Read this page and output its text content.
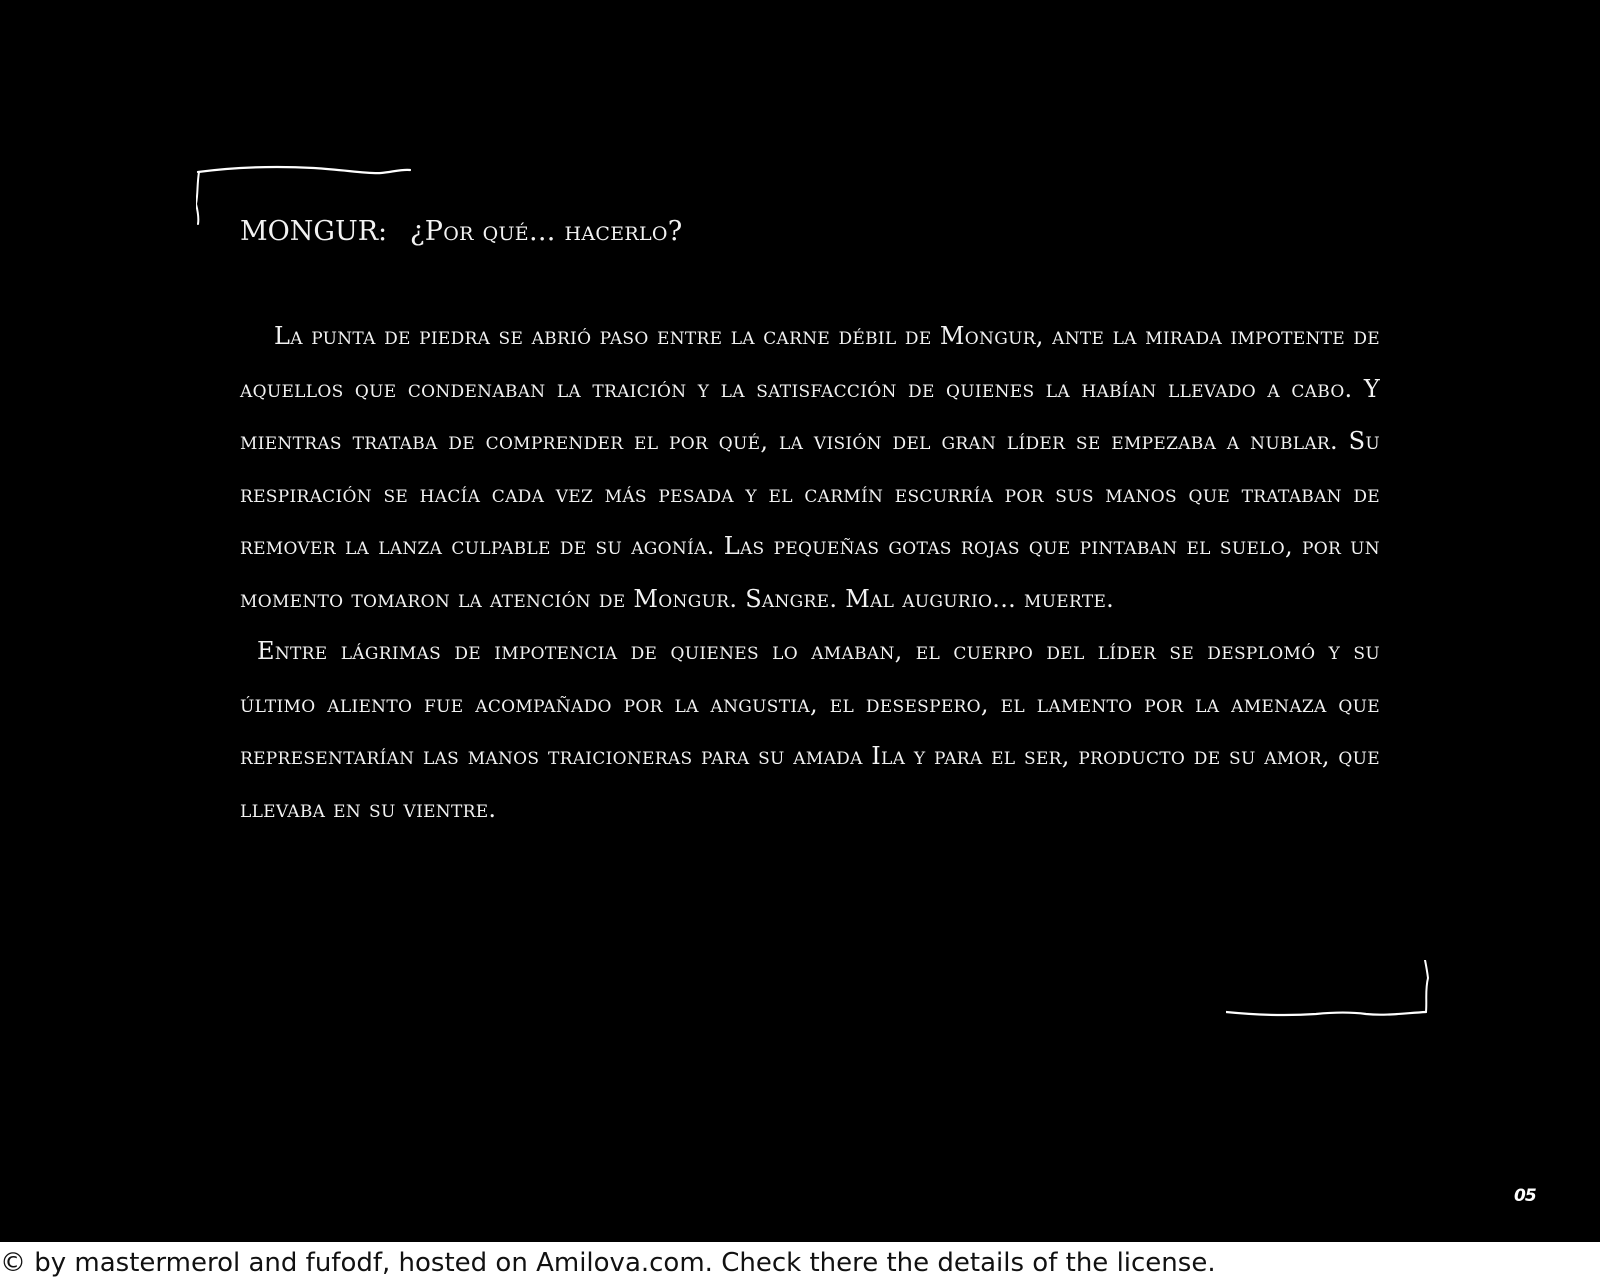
MONGUR: ¿Por qué... hacerlo?

La punta de piedra se abrió paso entre la carne débil de Mongur, ante la mirada impotente de aquellos que condenaban la traición y la satisfacción de quienes la habían llevado a cabo. Y mientras trataba de comprender el por qué, la visión del gran líder se empezaba a nublar. Su respiración se hacía cada vez más pesada y el carmín escurría por sus manos que trataban de remover la lanza culpable de su agonía. Las pequeñas gotas rojas que pintaban el suelo, por un momento tomaron la atención de Mongur. Sangre. Mal augurio... muerte.

Entre lágrimas de impotencia de quienes lo amaban, el cuerpo del líder se desplomó y su último aliento fue acompañado por la angustia, el desespero, el lamento por la amenaza que representarían las manos traicioneras para su amada Ila y para el ser, producto de su amor, que llevaba en su vientre.

05
© by mastermerol and fufodf, hosted on Amilova.com. Check there the details of the license.
